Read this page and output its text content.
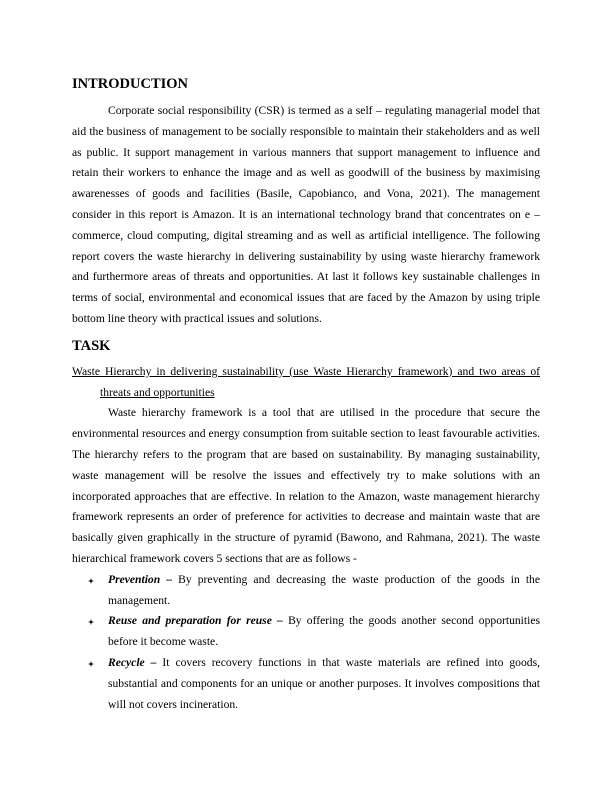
INTRODUCTION

Corporate social responsibility (CSR) is termed as a self – regulating managerial model that aid the business of management to be socially responsible to maintain their stakeholders and as well as public. It support management in various manners that support management to influence and retain their workers to enhance the image and as well as goodwill of the business by maximising awarenesses of goods and facilities (Basile, Capobianco, and Vona, 2021). The management consider in this report is Amazon. It is an international technology brand that concentrates on e – commerce, cloud computing, digital streaming and as well as artificial intelligence. The following report covers the waste hierarchy in delivering sustainability by using waste hierarchy framework and furthermore areas of threats and opportunities. At last it follows key sustainable challenges in terms of social, environmental and economical issues that are faced by the Amazon by using triple bottom line theory with practical issues and solutions.

TASK

Waste Hierarchy in delivering sustainability (use Waste Hierarchy framework) and two areas of threats and opportunities

Waste hierarchy framework is a tool that are utilised in the procedure that secure the environmental resources and energy consumption from suitable section to least favourable activities. The hierarchy refers to the program that are based on sustainability. By managing sustainability, waste management will be resolve the issues and effectively try to make solutions with an incorporated approaches that are effective. In relation to the Amazon, waste management hierarchy framework represents an order of preference for activities to decrease and maintain waste that are basically given graphically in the structure of pyramid (Bawono, and Rahmana, 2021). The waste hierarchical framework covers 5 sections that are as follows -

Prevention – By preventing and decreasing the waste production of the goods in the management.
Reuse and preparation for reuse – By offering the goods another second opportunities before it become waste.
Recycle – It covers recovery functions in that waste materials are refined into goods, substantial and components for an unique or another purposes. It involves compositions that will not covers incineration.
